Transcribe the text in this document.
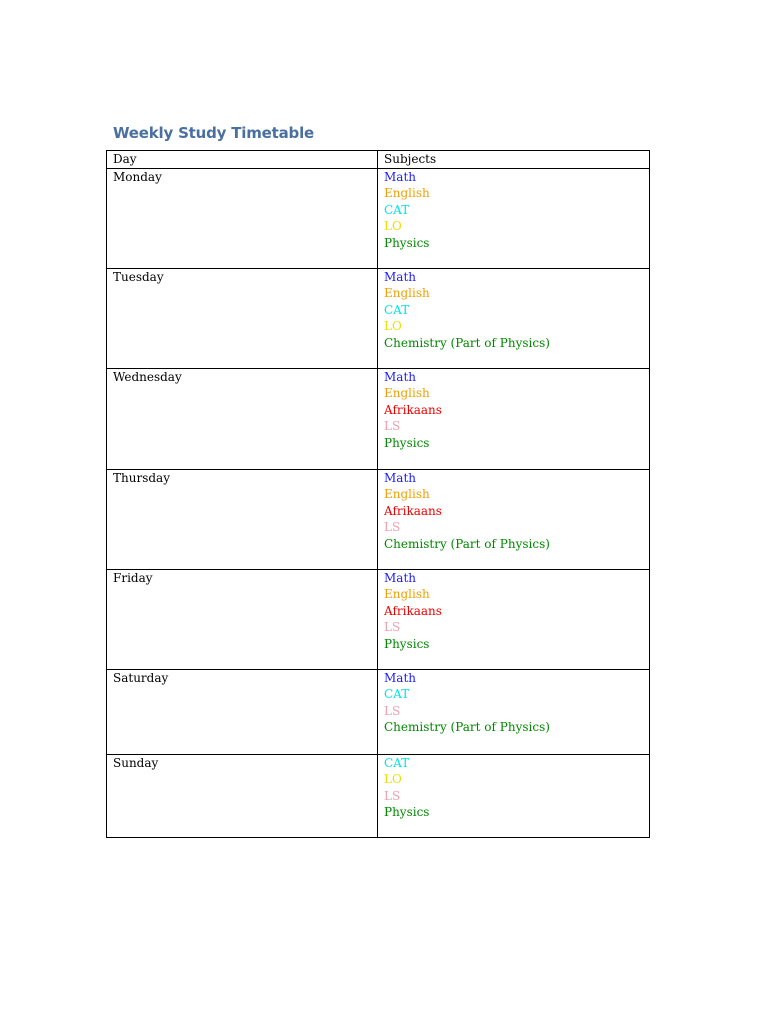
Weekly Study Timetable
Day	Subjects
Monday	Math
English
CAT
LO
Physics

Tuesday	Math
English
CAT
LO
Chemistry (Part of Physics)

Wednesday	Math
English
Afrikaans
LS
Physics

Thursday	Math
English
Afrikaans
LS
Chemistry (Part of Physics)

Friday	Math
English
Afrikaans
LS
Physics

Saturday	Math
CAT
LS
Chemistry (Part of Physics)

Sunday	CAT
LO
LS
Physics
